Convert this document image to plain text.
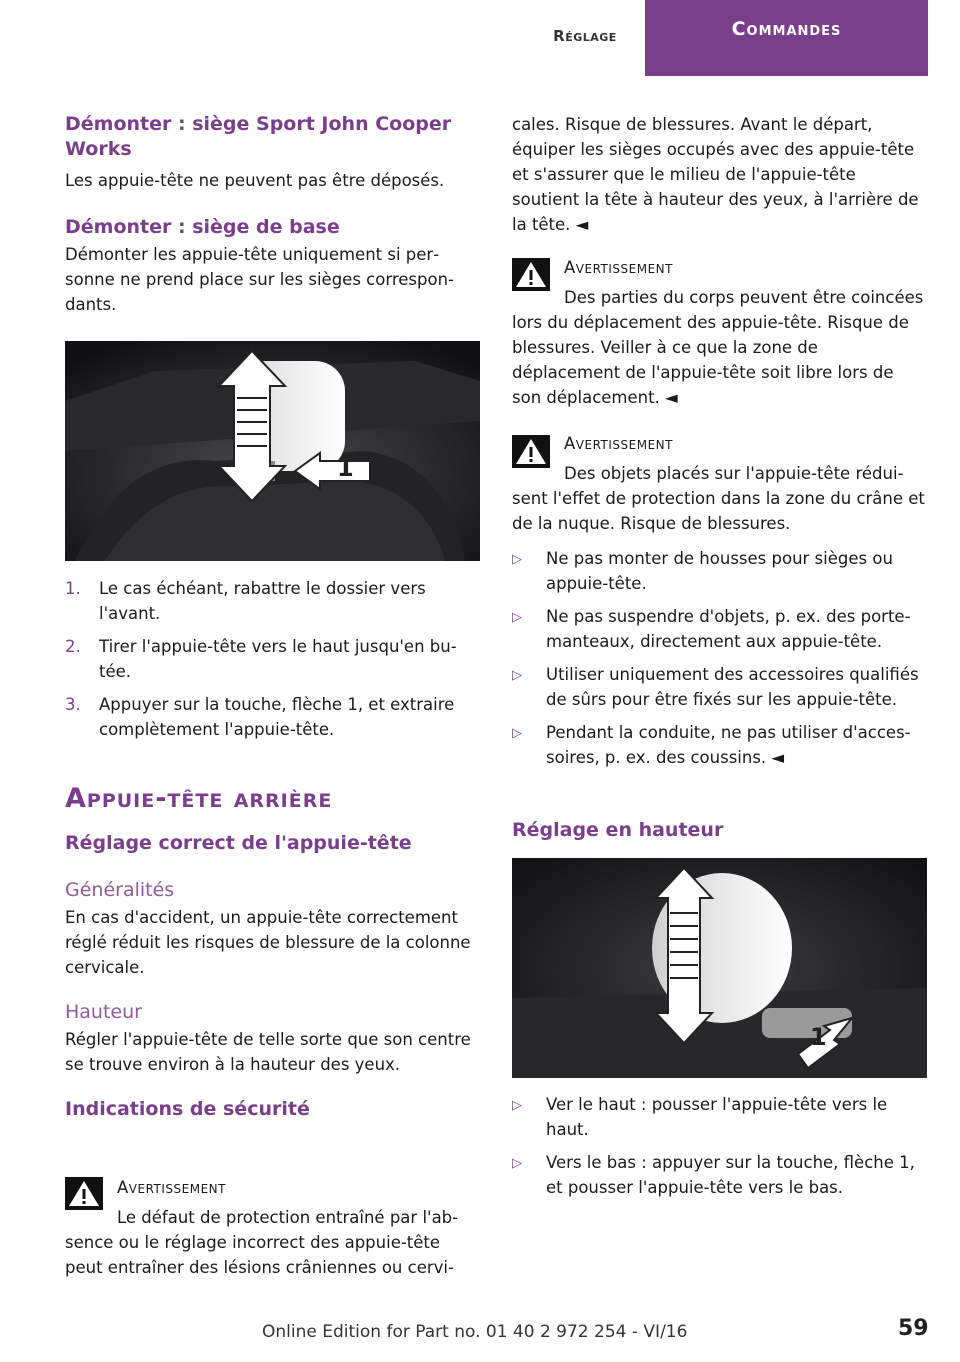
Réglage	Commandes
Démonter : siège Sport John Cooper Works

Les appuie-tête ne peuvent pas être déposés.

Démonter : siège de base

Démonter les appuie-tête uniquement si personne ne prend place sur les sièges correspondants.

1
1.	Le cas échéant, rabattre le dossier vers l'avant.
2.	Tirer l'appuie-tête vers le haut jusqu'en butée.
3.	Appuyer sur la touche, flèche 1, et extraire complètement l'appuie-tête.
Appuie-tête arrière
Réglage correct de l'appuie-tête
Généralités

En cas d'accident, un appuie-tête correctement réglé réduit les risques de blessure de la colonne cervicale.

Hauteur

Régler l'appuie-tête de telle sorte que son centre se trouve environ à la hauteur des yeux.

Indications de sécurité
Avertissement

Le défaut de protection entraîné par l'absence ou le réglage incorrect des appuie-tête peut entraîner des lésions crâniennes ou cervi-

cales. Risque de blessures. Avant le départ, équiper les sièges occupés avec des appuie-tête et s'assurer que le milieu de l'appuie-tête soutient la tête à hauteur des yeux, à l'arrière de la tête. ◄

Avertissement

Des parties du corps peuvent être coincées lors du déplacement des appuie-tête. Risque de blessures. Veiller à ce que la zone de déplacement de l'appuie-tête soit libre lors de son déplacement. ◄

Avertissement

Des objets placés sur l'appuie-tête réduisent l'effet de protection dans la zone du crâne et de la nuque. Risque de blessures.

▷	Ne pas monter de housses pour sièges ou appuie-tête.
▷	Ne pas suspendre d'objets, p. ex. des portemanteaux, directement aux appuie-tête.
▷	Utiliser uniquement des accessoires qualifiés de sûrs pour être fixés sur les appuie-tête.
▷	Pendant la conduite, ne pas utiliser d'accessoires, p. ex. des coussins. ◄
Réglage en hauteur
1
▷	Ver le haut : pousser l'appuie-tête vers le haut.
▷	Vers le bas : appuyer sur la touche, flèche 1, et pousser l'appuie-tête vers le bas.
Online Edition for Part no. 01 40 2 972 254 - VI/16	59
